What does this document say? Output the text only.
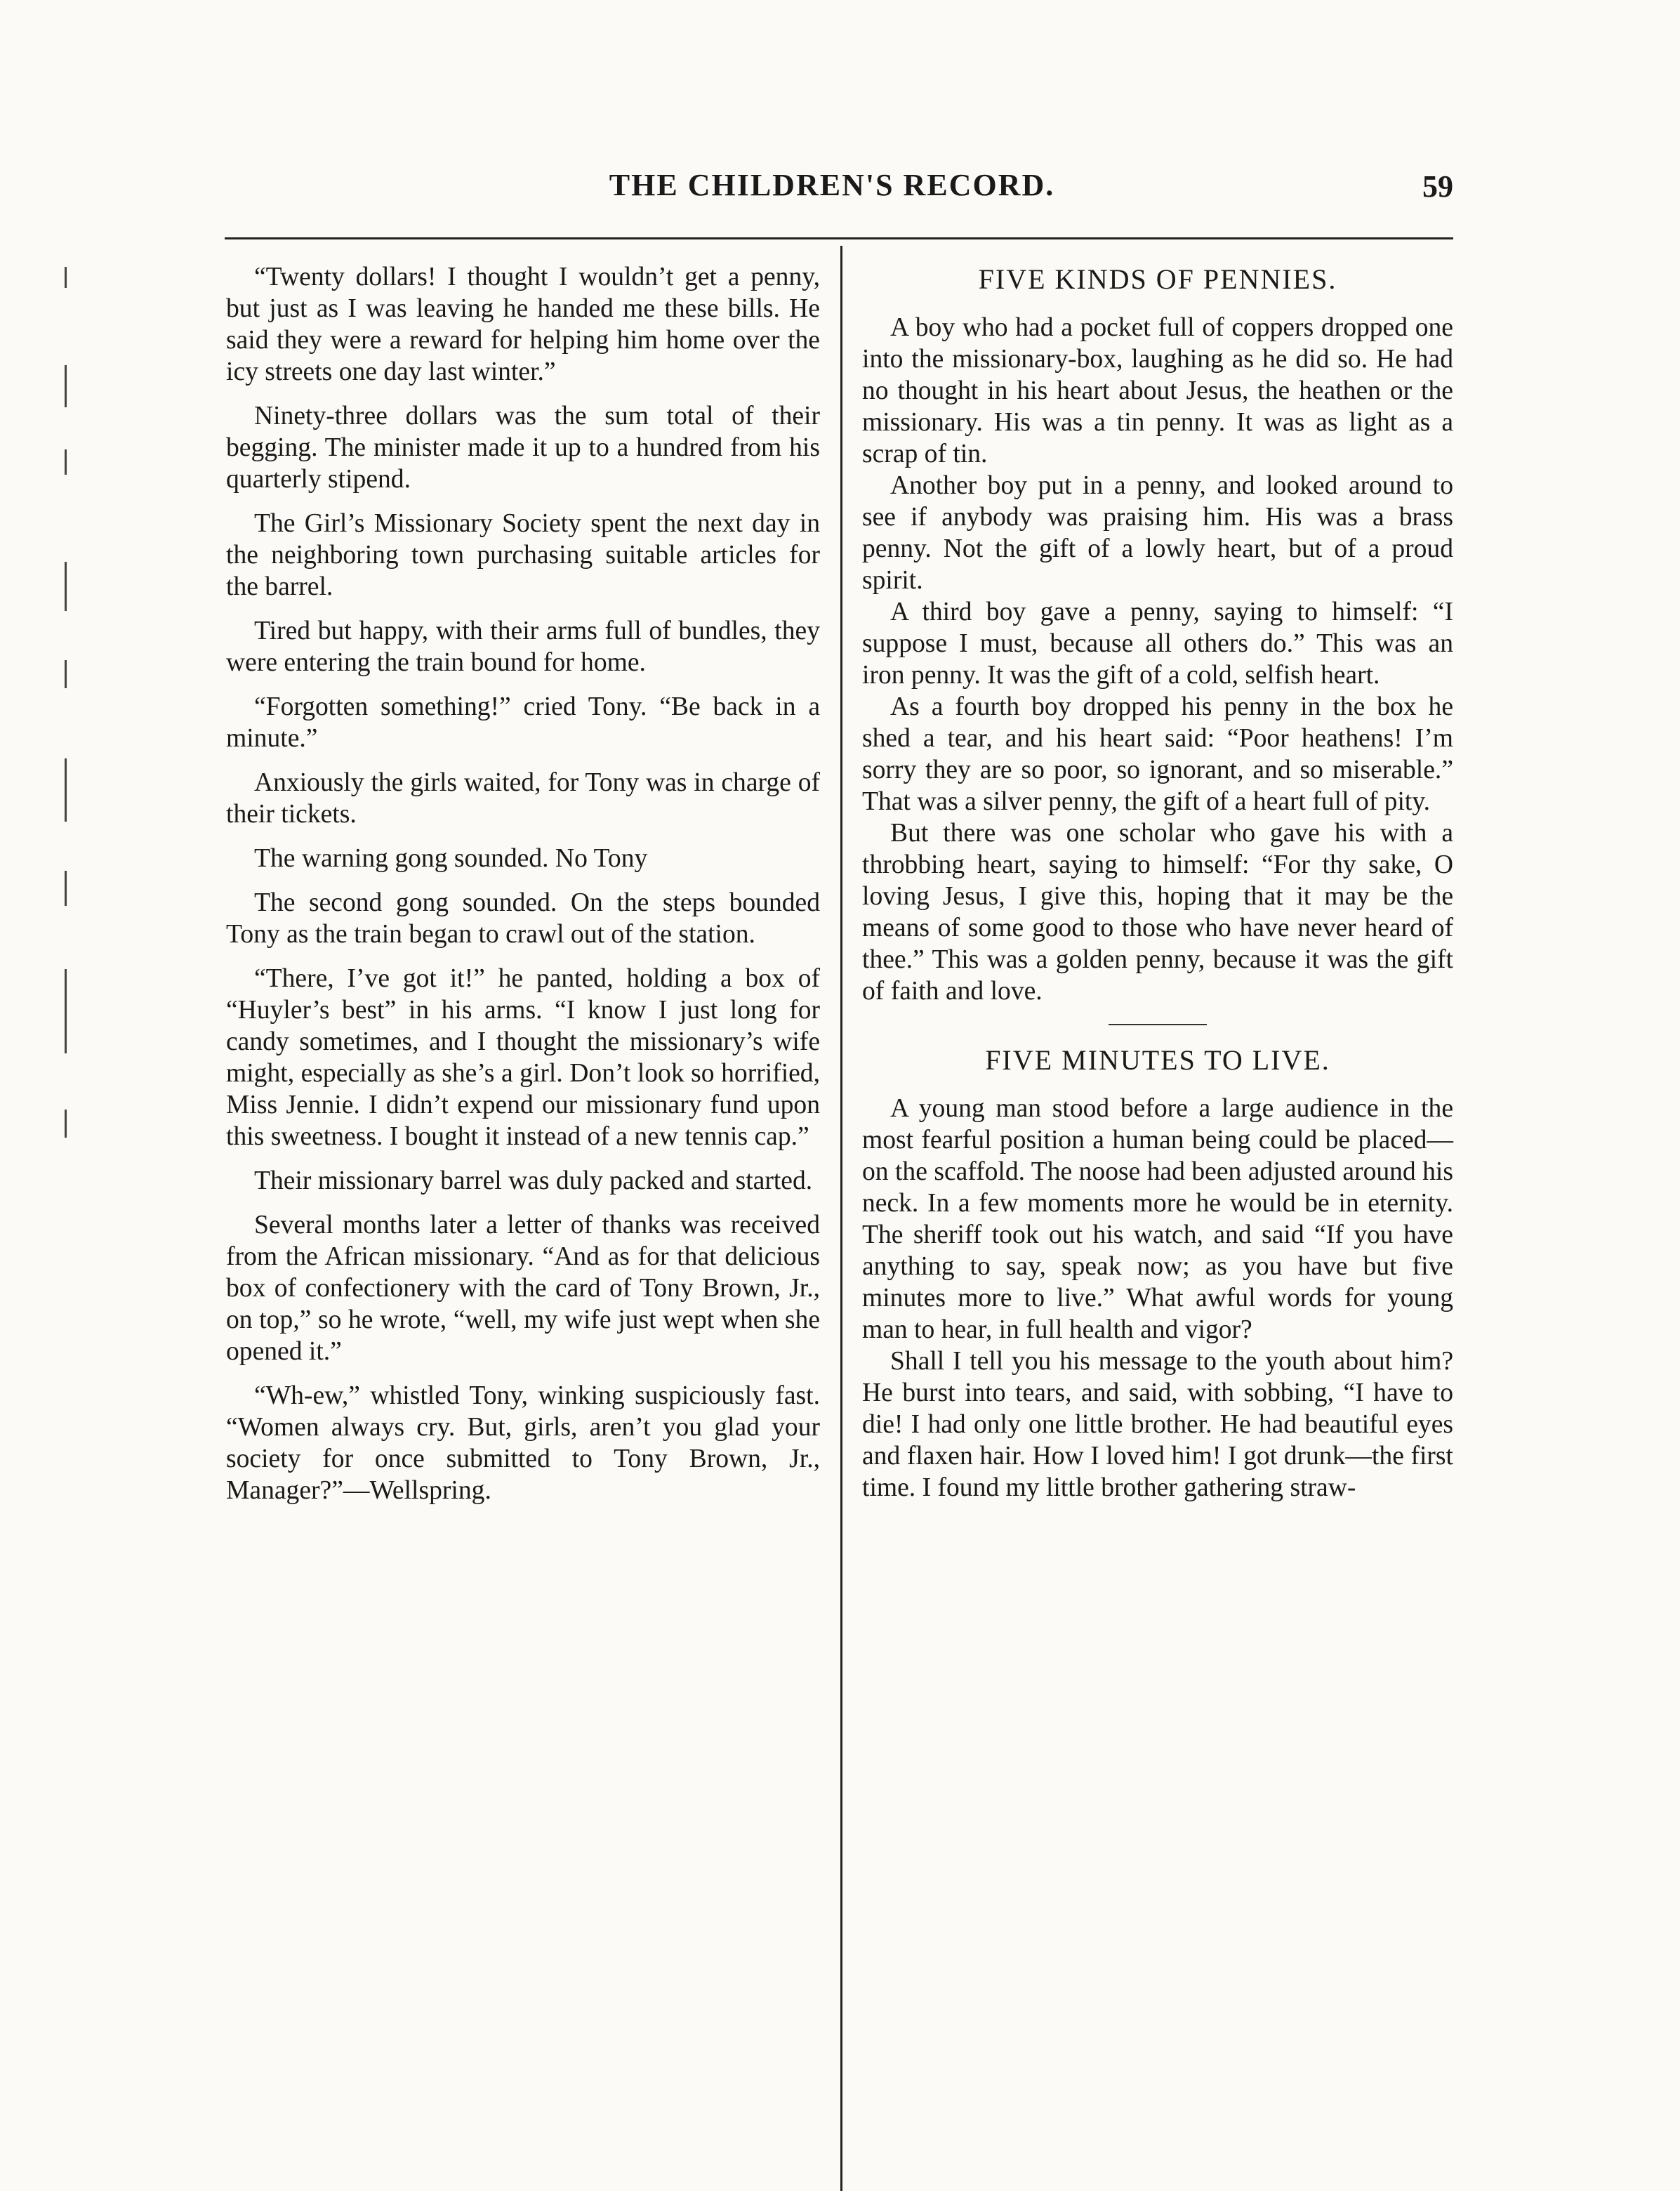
THE CHILDREN'S RECORD.	59

“Twenty dollars! I thought I wouldn’t get a penny, but just as I was leaving he handed me these bills. He said they were a reward for helping him home over the icy streets one day last winter.”

Ninety-three dollars was the sum total of their begging. The minister made it up to a hundred from his quarterly stipend.

The Girl’s Missionary Society spent the next day in the neighboring town purchasing suitable articles for the barrel.

Tired but happy, with their arms full of bundles, they were entering the train bound for home.

“Forgotten something!” cried Tony. “Be back in a minute.”

Anxiously the girls waited, for Tony was in charge of their tickets.

The warning gong sounded. No Tony

The second gong sounded. On the steps bounded Tony as the train began to crawl out of the station.

“There, I’ve got it!” he panted, holding a box of “Huyler’s best” in his arms. “I know I just long for candy sometimes, and I thought the missionary’s wife might, especially as she’s a girl. Don’t look so horrified, Miss Jennie. I didn’t expend our missionary fund upon this sweetness. I bought it instead of a new tennis cap.”

Their missionary barrel was duly packed and started.

Several months later a letter of thanks was received from the African missionary. “And as for that delicious box of confectionery with the card of Tony Brown, Jr., on top,” so he wrote, “well, my wife just wept when she opened it.”

“Wh-ew,” whistled Tony, winking suspiciously fast. “Women always cry. But, girls, aren’t you glad your society for once submitted to Tony Brown, Jr., Manager?”—Wellspring.

FIVE KINDS OF PENNIES.

A boy who had a pocket full of coppers dropped one into the missionary-box, laughing as he did so. He had no thought in his heart about Jesus, the heathen or the missionary. His was a tin penny. It was as light as a scrap of tin.

Another boy put in a penny, and looked around to see if anybody was praising him. His was a brass penny. Not the gift of a lowly heart, but of a proud spirit.

A third boy gave a penny, saying to himself: “I suppose I must, because all others do.” This was an iron penny. It was the gift of a cold, selfish heart.

As a fourth boy dropped his penny in the box he shed a tear, and his heart said: “Poor heathens! I’m sorry they are so poor, so ignorant, and so miserable.” That was a silver penny, the gift of a heart full of pity.

But there was one scholar who gave his with a throbbing heart, saying to himself: “For thy sake, O loving Jesus, I give this, hoping that it may be the means of some good to those who have never heard of thee.” This was a golden penny, because it was the gift of faith and love.

FIVE MINUTES TO LIVE.

A young man stood before a large audience in the most fearful position a human being could be placed—on the scaffold. The noose had been adjusted around his neck. In a few moments more he would be in eternity. The sheriff took out his watch, and said “If you have anything to say, speak now; as you have but five minutes more to live.” What awful words for young man to hear, in full health and vigor?

Shall I tell you his message to the youth about him? He burst into tears, and said, with sobbing, “I have to die! I had only one little brother. He had beautiful eyes and flaxen hair. How I loved him! I got drunk—the first time. I found my little brother gathering straw-
